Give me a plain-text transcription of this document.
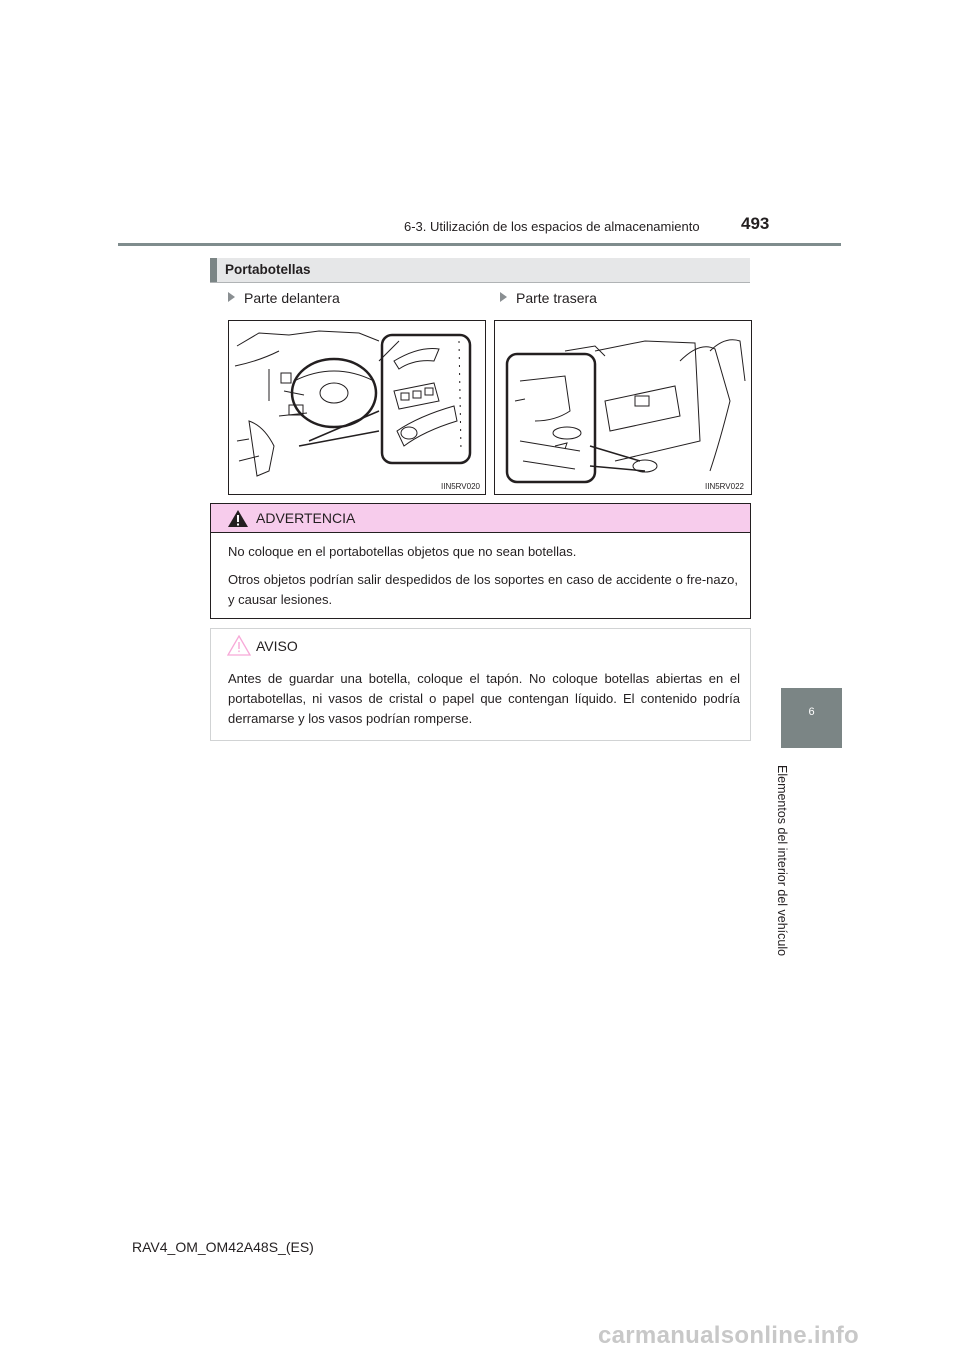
6-3. Utilización de los espacios de almacenamiento 493
6
Elementos del interior del vehículo
Portabotellas
Parte delantera	Parte trasera
IIN5RV020	IIN5RV022
ADVERTENCIA
No coloque en el portabotellas objetos que no sean botellas.
Otros objetos podrían salir despedidos de los soportes en caso de accidente o fre-nazo, y causar lesiones.
AVISO
Antes de guardar una botella, coloque el tapón. No coloque botellas abiertas en el portabotellas, ni vasos de cristal o papel que contengan líquido. El contenido podría derramarse y los vasos podrían romperse.
RAV4_OM_OM42A48S_(ES)
carmanualsonline.info
